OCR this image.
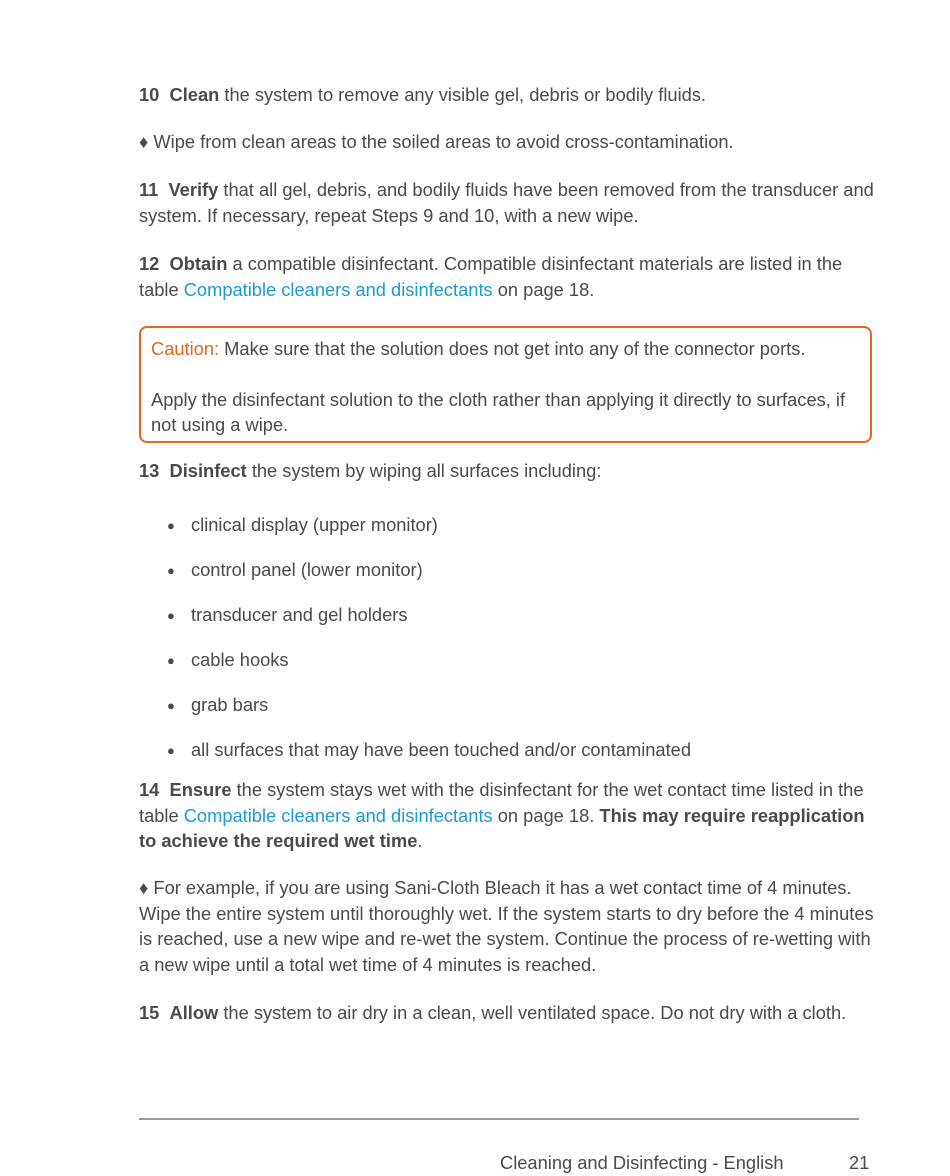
10 Clean the system to remove any visible gel, debris or bodily fluids.

♦ Wipe from clean areas to the soiled areas to avoid cross-contamination.

11 Verify that all gel, debris, and bodily fluids have been removed from the transducer and system. If necessary, repeat Steps 9 and 10, with a new wipe.

12 Obtain a compatible disinfectant. Compatible disinfectant materials are listed in the table Compatible cleaners and disinfectants on page 18.

Caution: Make sure that the solution does not get into any of the connector ports.

Apply the disinfectant solution to the cloth rather than applying it directly to surfaces, if not using a wipe.

13 Disinfect the system by wiping all surfaces including:

● clinical display (upper monitor)
● control panel (lower monitor)
● transducer and gel holders
● cable hooks
● grab bars
● all surfaces that may have been touched and/or contaminated

14 Ensure the system stays wet with the disinfectant for the wet contact time listed in the table Compatible cleaners and disinfectants on page 18. This may require reapplication to achieve the required wet time.

♦ For example, if you are using Sani-Cloth Bleach it has a wet contact time of 4 minutes. Wipe the entire system until thoroughly wet. If the system starts to dry before the 4 minutes is reached, use a new wipe and re-wet the system. Continue the process of re-wetting with a new wipe until a total wet time of 4 minutes is reached.

15 Allow the system to air dry in a clean, well ventilated space. Do not dry with a cloth.

Cleaning and Disinfecting - English	21
